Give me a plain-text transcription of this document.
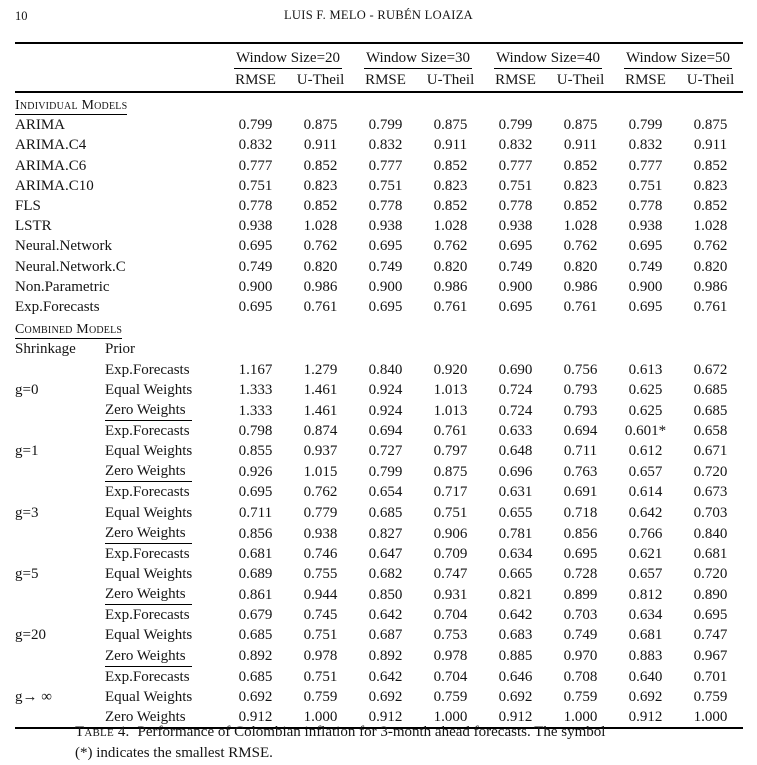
10	LUIS F. MELO - RUBÉN LOAIZA
		Window Size=20		Window Size=30		Window Size=40		Window Size=50	
		RMSE	U-Theil	RMSE	U-Theil	RMSE	U-Theil	RMSE	U-Theil
Individual Models									
ARIMA		0.799	0.875	0.799	0.875	0.799	0.875	0.799	0.875
ARIMA.C4		0.832	0.911	0.832	0.911	0.832	0.911	0.832	0.911
ARIMA.C6		0.777	0.852	0.777	0.852	0.777	0.852	0.777	0.852
ARIMA.C10		0.751	0.823	0.751	0.823	0.751	0.823	0.751	0.823
FLS		0.778	0.852	0.778	0.852	0.778	0.852	0.778	0.852
LSTR		0.938	1.028	0.938	1.028	0.938	1.028	0.938	1.028
Neural.Network		0.695	0.762	0.695	0.762	0.695	0.762	0.695	0.762
Neural.Network.C		0.749	0.820	0.749	0.820	0.749	0.820	0.749	0.820
Non.Parametric		0.900	0.986	0.900	0.986	0.900	0.986	0.900	0.986
Exp.Forecasts		0.695	0.761	0.695	0.761	0.695	0.761	0.695	0.761
Combined Models									
Shrinkage	Prior								
	Exp.Forecasts	1.167	1.279	0.840	0.920	0.690	0.756	0.613	0.672
g=0	Equal Weights	1.333	1.461	0.924	1.013	0.724	0.793	0.625	0.685
	Zero Weights	1.333	1.461	0.924	1.013	0.724	0.793	0.625	0.685
	Exp.Forecasts	0.798	0.874	0.694	0.761	0.633	0.694	0.601*	0.658
g=1	Equal Weights	0.855	0.937	0.727	0.797	0.648	0.711	0.612	0.671
	Zero Weights	0.926	1.015	0.799	0.875	0.696	0.763	0.657	0.720
	Exp.Forecasts	0.695	0.762	0.654	0.717	0.631	0.691	0.614	0.673
g=3	Equal Weights	0.711	0.779	0.685	0.751	0.655	0.718	0.642	0.703
	Zero Weights	0.856	0.938	0.827	0.906	0.781	0.856	0.766	0.840
	Exp.Forecasts	0.681	0.746	0.647	0.709	0.634	0.695	0.621	0.681
g=5	Equal Weights	0.689	0.755	0.682	0.747	0.665	0.728	0.657	0.720
	Zero Weights	0.861	0.944	0.850	0.931	0.821	0.899	0.812	0.890
	Exp.Forecasts	0.679	0.745	0.642	0.704	0.642	0.703	0.634	0.695
g=20	Equal Weights	0.685	0.751	0.687	0.753	0.683	0.749	0.681	0.747
	Zero Weights	0.892	0.978	0.892	0.978	0.885	0.970	0.883	0.967
	Exp.Forecasts	0.685	0.751	0.642	0.704	0.646	0.708	0.640	0.701
g→ ∞	Equal Weights	0.692	0.759	0.692	0.759	0.692	0.759	0.692	0.759
	Zero Weights	0.912	1.000	0.912	1.000	0.912	1.000	0.912	1.000

Table 4. Performance of Colombian inflation for 3-month ahead forecasts. The symbol (*) indicates the smallest RMSE.
